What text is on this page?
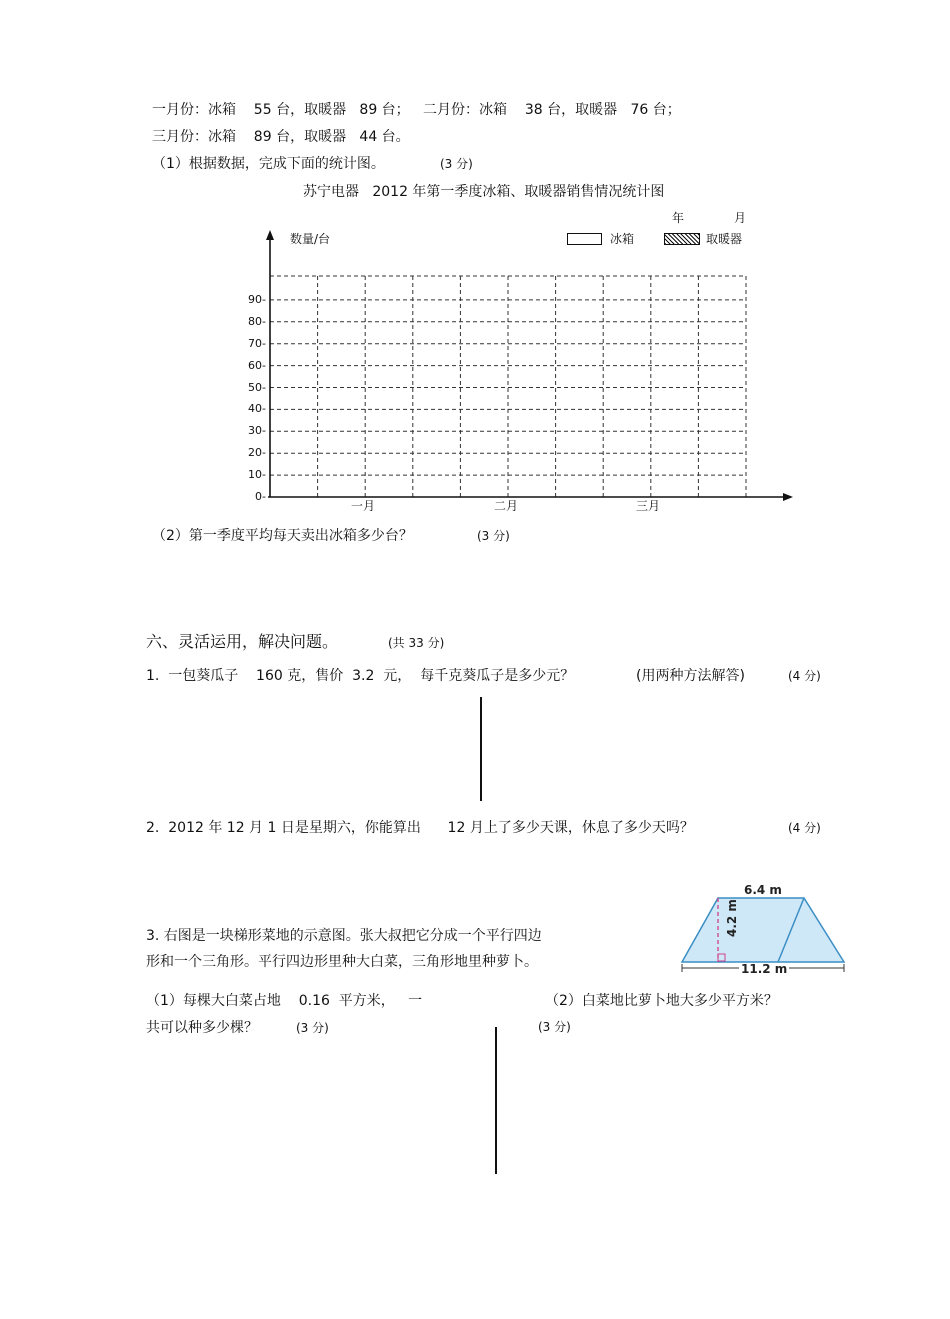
一月份：冰箱    55 台，取暖器   89 台；   二月份：冰箱    38 台，取暖器   76 台；
三月份：冰箱    89 台，取暖器   44 台。
（1）根据数据，完成下面的统计图。	(3 分)
苏宁电器   2012 年第一季度冰箱、取暖器销售情况统计图
年	月
数量/台	冰箱	取暖器
0-
10-
20-
30-
40-
50-
60-
70-
80-
90-
一月	二月	三月
（2）第一季度平均每天卖出冰箱多少台？	(3 分)
六、灵活运用，解决问题。	(共 33 分)
1.  一包葵瓜子    160 克，售价  3.2  元，  每千克葵瓜子是多少元？	(用两种方法解答)	(4 分)
2.  2012 年 12 月 1 日是星期六，你能算出      12 月上了多少天课，休息了多少天吗？	(4 分)
3. 右图是一块梯形菜地的示意图。张大叔把它分成一个平行四边
形和一个三角形。平行四边形里种大白菜，三角形地里种萝卜。
6.4 m
4.2 m
11.2 m
（1）每棵大白菜占地    0.16  平方米，   一
共可以种多少棵？	(3 分)
（2）白菜地比萝卜地大多少平方米？
(3 分)
